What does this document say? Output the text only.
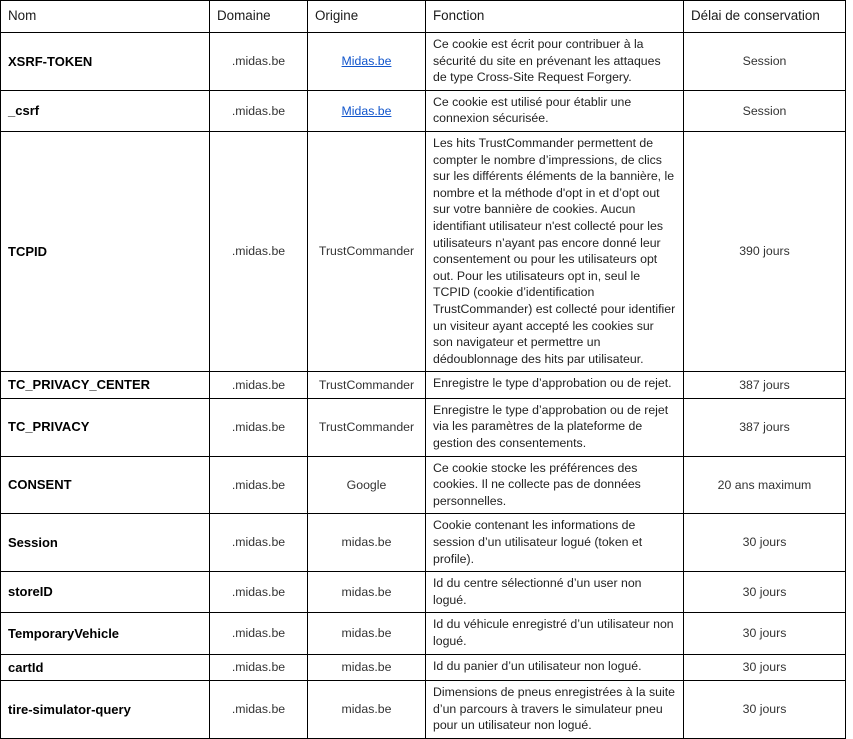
Nom	Domaine	Origine	Fonction	Délai de conservation
XSRF-TOKEN	.midas.be	Midas.be	Ce cookie est écrit pour contribuer à la sécurité du site en prévenant les attaques de type Cross-Site Request Forgery.	Session
_csrf	.midas.be	Midas.be	Ce cookie est utilisé pour établir une connexion sécurisée.	Session
TCPID	.midas.be	TrustCommander	Les hits TrustCommander permettent de compter le nombre d’impressions, de clics sur les différents éléments de la bannière, le nombre et la méthode d'opt in et d’opt out sur votre bannière de cookies. Aucun identifiant utilisateur n'est collecté pour les utilisateurs n’ayant pas encore donné leur consentement ou pour les utilisateurs opt out. Pour les utilisateurs opt in, seul le TCPID (cookie d’identification TrustCommander) est collecté pour identifier un visiteur ayant accepté les cookies sur son navigateur et permettre un dédoublonnage des hits par utilisateur.	390 jours
TC_PRIVACY_CENTER	.midas.be	TrustCommander	Enregistre le type d’approbation ou de rejet.	387 jours
TC_PRIVACY	.midas.be	TrustCommander	Enregistre le type d’approbation ou de rejet via les paramètres de la plateforme de gestion des consentements.	387 jours
CONSENT	.midas.be	Google	Ce cookie stocke les préférences des cookies. Il ne collecte pas de données personnelles.	20 ans maximum
Session	.midas.be	midas.be	Cookie contenant les informations de session d’un utilisateur logué (token et profile).	30 jours
storeID	.midas.be	midas.be	Id du centre sélectionné d’un user non logué.	30 jours
TemporaryVehicle	.midas.be	midas.be	Id du véhicule enregistré d’un utilisateur non logué.	30 jours
cartId	.midas.be	midas.be	Id du panier d’un utilisateur non logué.	30 jours
tire-simulator-query	.midas.be	midas.be	Dimensions de pneus enregistrées à la suite d’un parcours à travers le simulateur pneu pour un utilisateur non logué.	30 jours
